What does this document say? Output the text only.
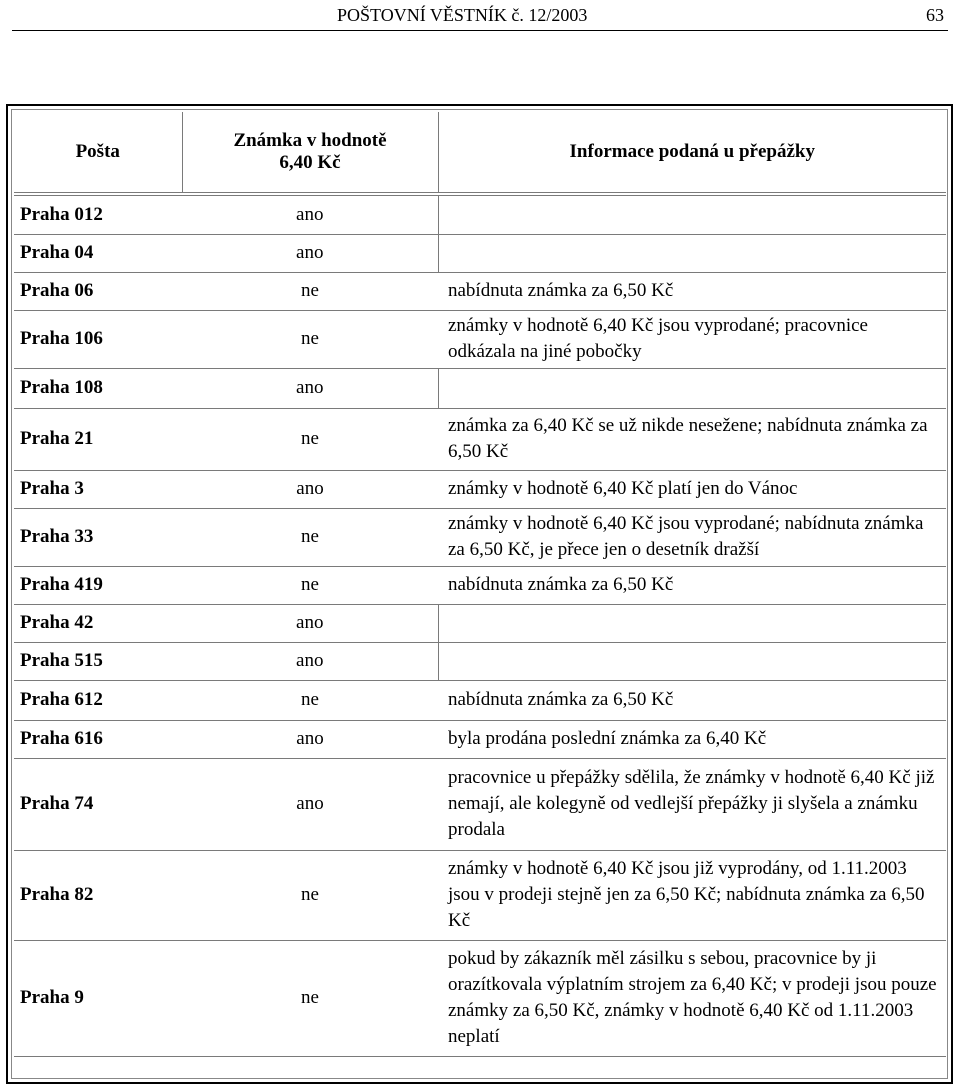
POŠTOVNÍ VĚSTNÍK č. 12/2003	63
Pošta	Známka v hodnotě 6,40 Kč	Informace podaná u přepážky
Praha 012	ano	
Praha 04	ano	
Praha 06	ne	nabídnuta známka za 6,50 Kč
Praha 106	ne	známky v hodnotě 6,40 Kč jsou vyprodané; pracovnice odkázala na jiné pobočky
Praha 108	ano	
Praha 21	ne	známka za 6,40 Kč se už nikde nesežene; nabídnuta známka za 6,50 Kč
Praha 3	ano	známky v hodnotě 6,40 Kč platí jen do Vánoc
Praha 33	ne	známky v hodnotě 6,40 Kč jsou vyprodané; nabídnuta známka za 6,50 Kč, je přece jen o desetník dražší
Praha 419	ne	nabídnuta známka za 6,50 Kč
Praha 42	ano	
Praha 515	ano	
Praha 612	ne	nabídnuta známka za 6,50 Kč
Praha 616	ano	byla prodána poslední známka za 6,40 Kč
Praha 74	ano	pracovnice u přepážky sdělila, že známky v hodnotě 6,40 Kč již nemají, ale kolegyně od vedlejší přepážky ji slyšela a známku prodala
Praha 82	ne	známky v hodnotě 6,40 Kč jsou již vyprodány, od 1.11.2003 jsou v prodeji stejně jen za 6,50 Kč; nabídnuta známka za 6,50 Kč
Praha 9	ne	pokud by zákazník měl zásilku s sebou, pracovnice by ji orazítkovala výplatním strojem za 6,40 Kč; v prodeji jsou pouze známky za 6,50 Kč, známky v hodnotě 6,40 Kč od 1.11.2003 neplatí
